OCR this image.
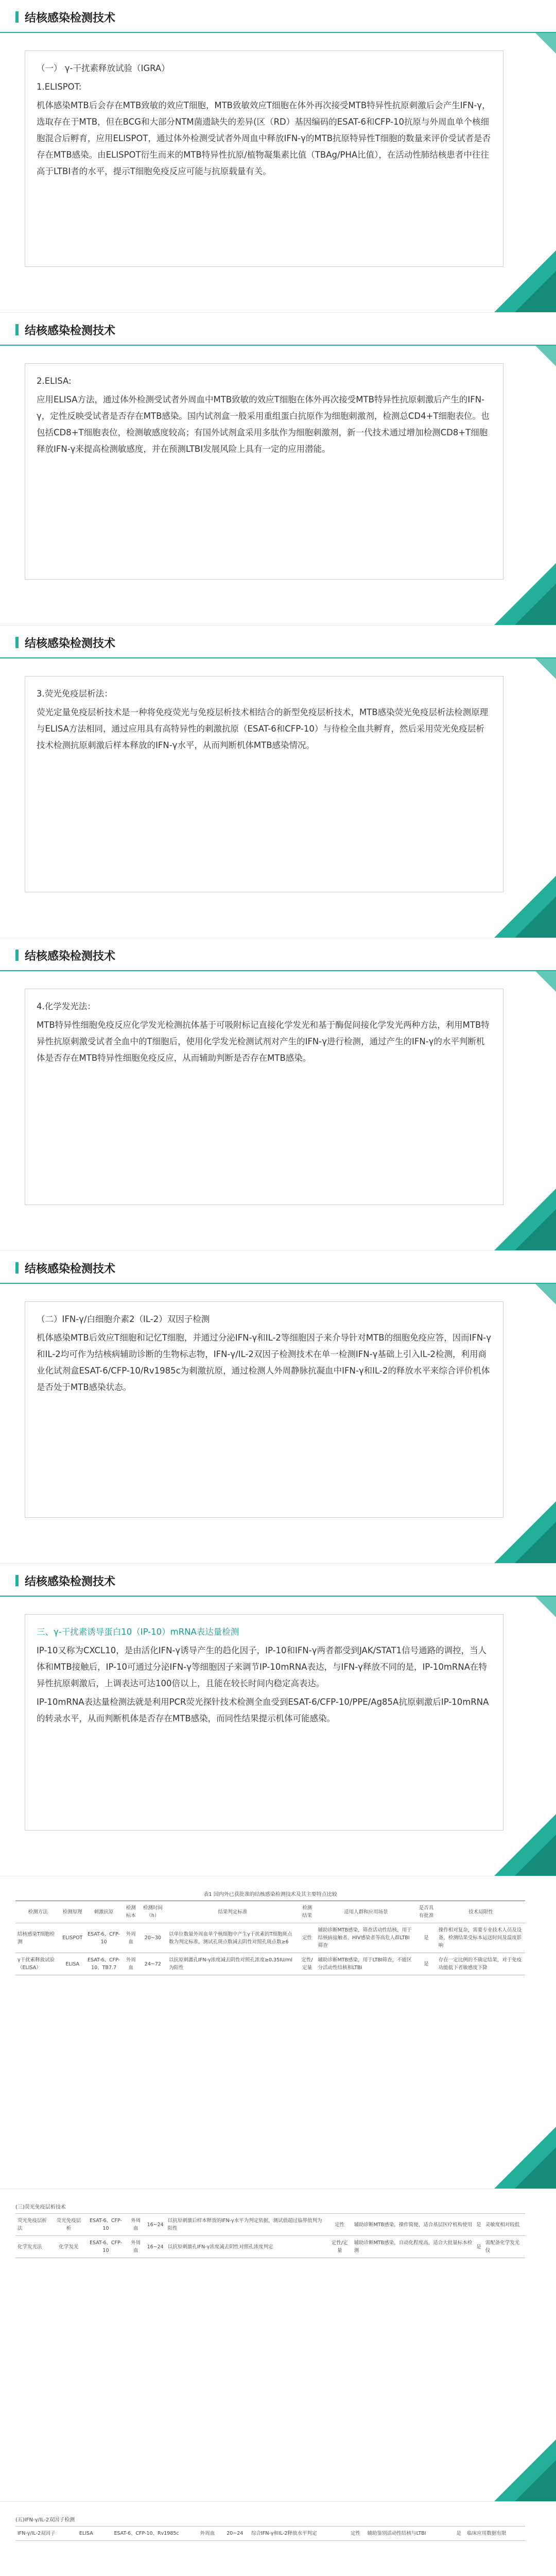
结核感染检测技术

（一） γ-干扰素释放试验（IGRA）

1.ELISPOT:

机体感染MTB后会存在MTB致敏的效应T细胞，MTB致敏效应T细胞在体外再次接受MTB特异性抗原刺激后会产生IFN-γ，选取存在于MTB，但在BCG和大部分NTM菌遗缺失的差异(区（RD）基因编码的ESAT-6和CFP-10抗原与外周血单个核细胞混合后孵育，应用ELISPOT，通过体外检测受试者外周血中释放IFN-γ的MTB抗原特异性T细胞的数量来评价受试者是否存在MTB感染。由ELISPOT衍生而来的MTB特异性抗原/植物凝集素比值（TBAg/PHA比值），在活动性肺结核患者中往往高于LTBI者的水平，提示T细胞免疫反应可能与抗原载量有关。

结核感染检测技术

2.ELISA:

应用ELISA方法，通过体外检测受试者外周血中MTB致敏的效应T细胞在体外再次接受MTB特异性抗原刺激后产生的IFN-γ，定性反映受试者是否存在MTB感染。国内试剂盒一般采用重组蛋白抗原作为细胞刺激剂，检测总CD4+T细胞表位。也包括CD8+T细胞表位，检测敏感度较高；有国外试剂盒采用多肽作为细胞刺激剂，新一代技术通过增加检测CD8+T细胞释放IFN-γ来提高检测敏感度，并在预测LTBI发展风险上具有一定的应用潜能。

结核感染检测技术

3.荧光免疫层析法：

荧光定量免疫层析技术是一种将免疫荧光与免疫层析技术相结合的新型免疫层析技术，MTB感染荧光免疫层析法检测原理与ELISA方法相同，通过应用具有高特异性的刺激抗原（ESAT-6和CFP-10）与待检全血共孵育，然后采用荧光免疫层析技术检测抗原刺激后样本释放的IFN-γ水平，从而判断机体MTB感染情况。

结核感染检测技术

4.化学发光法：

MTB特异性细胞免疫反应化学发光检测抗体基于可吸附标记直接化学发光和基于酶促间接化学发光两种方法，利用MTB特异性抗原刺激受试者全血中的T细胞后，使用化学发光检测试剂对产生的IFN-γ进行检测，通过产生的IFN-γ的水平判断机体是否存在MTB特异性细胞免疫反应，从而辅助判断是否存在MTB感染。

结核感染检测技术

（二）IFN-γ/白细胞介素2（IL-2）双因子检测

机体感染MTB后效应T细胞和记忆T细胞，并通过分泌IFN-γ和IL-2等细胞因子来介导针对MTB的细胞免疫应答，因而IFN-γ和IL-2均可作为结核病辅助诊断的生物标志物，IFN-γ/IL-2双因子检测技术在单一检测IFN-γ基础上引入IL-2检测，利用商业化试剂盒ESAT-6/CFP-10/Rv1985c为刺激抗原，通过检测人外周静脉抗凝血中IFN-γ和IL-2的释放水平来综合评价机体是否处于MTB感染状态。

结核感染检测技术

三、γ-干扰素诱导蛋白10（IP-10）mRNA表达量检测

IP-10又称为CXCL10，是由活化IFN-γ诱导产生的趋化因子，IP-10和IFN-γ两者都受到JAK/STAT1信号通路的调控，当人体和MTB接触后，IP-10可通过分泌IFN-γ等细胞因子来调节IP-10mRNA表达，与IFN-γ释放不同的是，IP-10mRNA在特异性抗原刺激后，上调表达可达100倍以上，且能在较长时间内稳定高表达。

IP-10mRNA表达量检测法就是利用PCR荧光探针技术检测全血受到ESAT-6/CFP-10/PPE/Ag85A抗原刺激后IP-10mRNA的转录水平，从而判断机体是否存在MTB感染，而同性结果提示机体可能感染。

表1 国内外已获批准的结核感染检测技术及其主要特点比较
检测方法	检测原理	刺激抗原	检测标本	检测时间（h）	结果判定标准	检测结果	适用人群和应用场景	是否具有批准	技术局限性
结核感染T细胞检测	ELISPOT	ESAT-6、CFP-10	外周血	20~30	以单位数量外周血单个核细胞中产生γ干扰素的T细胞斑点数为判定标准，测试孔斑点数减去阴性对照孔斑点数≥6	定性	辅助诊断MTB感染，筛查活动性结核，用于结核病接触者、HIV感染者等高危人群LTBI筛查	是	操作相对复杂，需要专业技术人员及设备，检测结果受标本运送时间及温度影响
γ干扰素释放试验（ELISA）	ELISA	ESAT-6、CFP-10、TB7.7	外周血	24~72	以抗原刺激孔IFN-γ浓度减去阴性对照孔浓度≥0.35IU/ml为阳性	定性/定量	辅助诊断MTB感染，用于LTBI筛查，不能区分活动性结核和LTBI	是	存在一定比例的不确定结果，对于免疫功能低下者敏感度下降
(三)荧光免疫层析技术
荧光免疫层析法	荧光免疫层析	ESAT-6、CFP-10	外周血	16~24	以抗原刺激后样本释放的IFN-γ水平为判定依据，测试值超过临界值判为阳性	定性	辅助诊断MTB感染，操作简便，适合基层医疗机构使用	是	灵敏度相对较低
化学发光法	化学发光	ESAT-6、CFP-10	外周血	16~24	以抗原刺激孔IFN-γ浓度减去阴性对照孔浓度判定	定性/定量	辅助诊断MTB感染，自动化程度高，适合大批量标本检测	是	需配备化学发光仪
(五)IFN-γ/IL-2双因子检测
IFN-γ/IL-2双因子	ELISA	ESAT-6、CFP-10、Rv1985c	外周血	20~24	综合IFN-γ和IL-2释放水平判定	定性	辅助鉴别活动性结核与LTBI	是	临床应用数据有限
